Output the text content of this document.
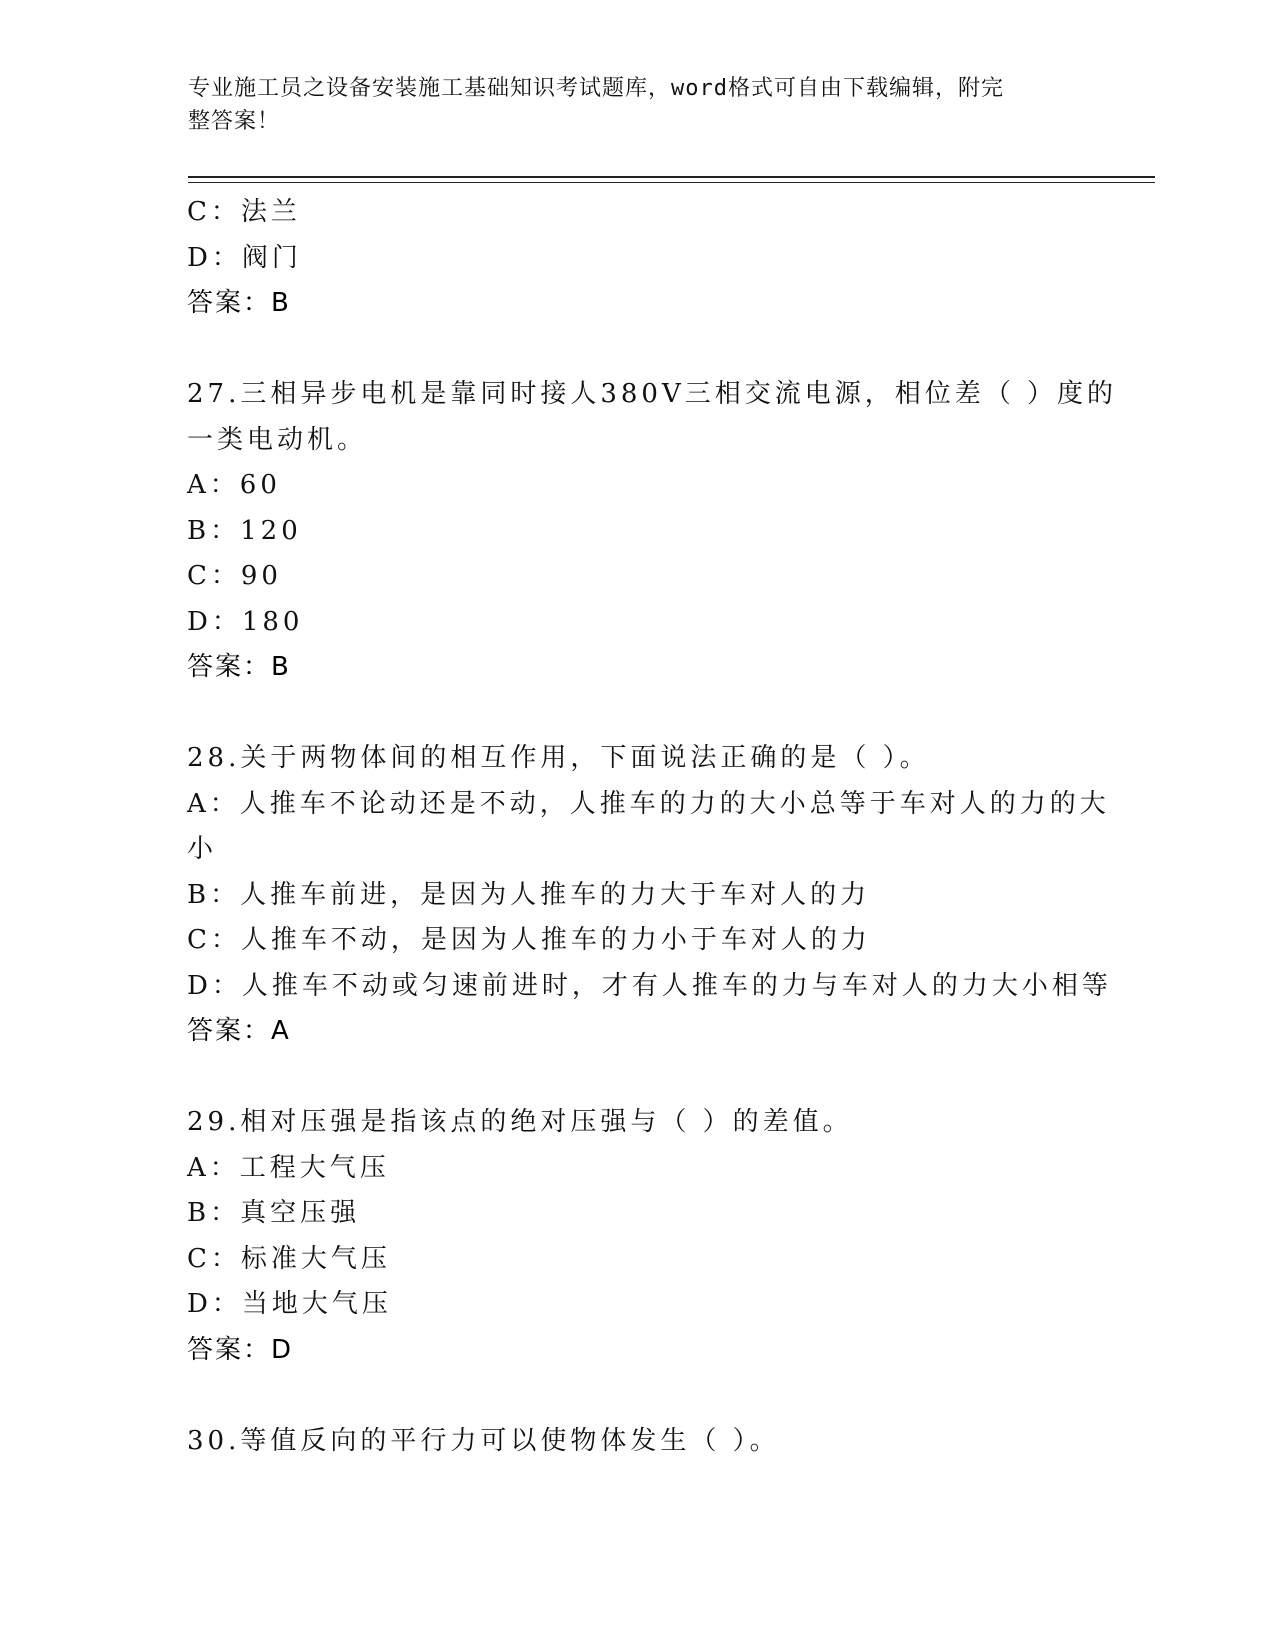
专业施工员之设备安装施工基础知识考试题库，word格式可自由下载编辑，附完
整答案！
C：法兰
D：阀门
答案：B
27.三相异步电机是靠同时接人380V三相交流电源，相位差（ ）度的
一类电动机。
A：60
B：120
C：90
D：180
答案：B
28.关于两物体间的相互作用，下面说法正确的是（ ）。
A：人推车不论动还是不动，人推车的力的大小总等于车对人的力的大
小
B：人推车前进，是因为人推车的力大于车对人的力
C：人推车不动，是因为人推车的力小于车对人的力
D：人推车不动或匀速前进时，才有人推车的力与车对人的力大小相等
答案：A
29.相对压强是指该点的绝对压强与（ ）的差值。
A：工程大气压
B：真空压强
C：标准大气压
D：当地大气压
答案：D
30.等值反向的平行力可以使物体发生（ ）。
